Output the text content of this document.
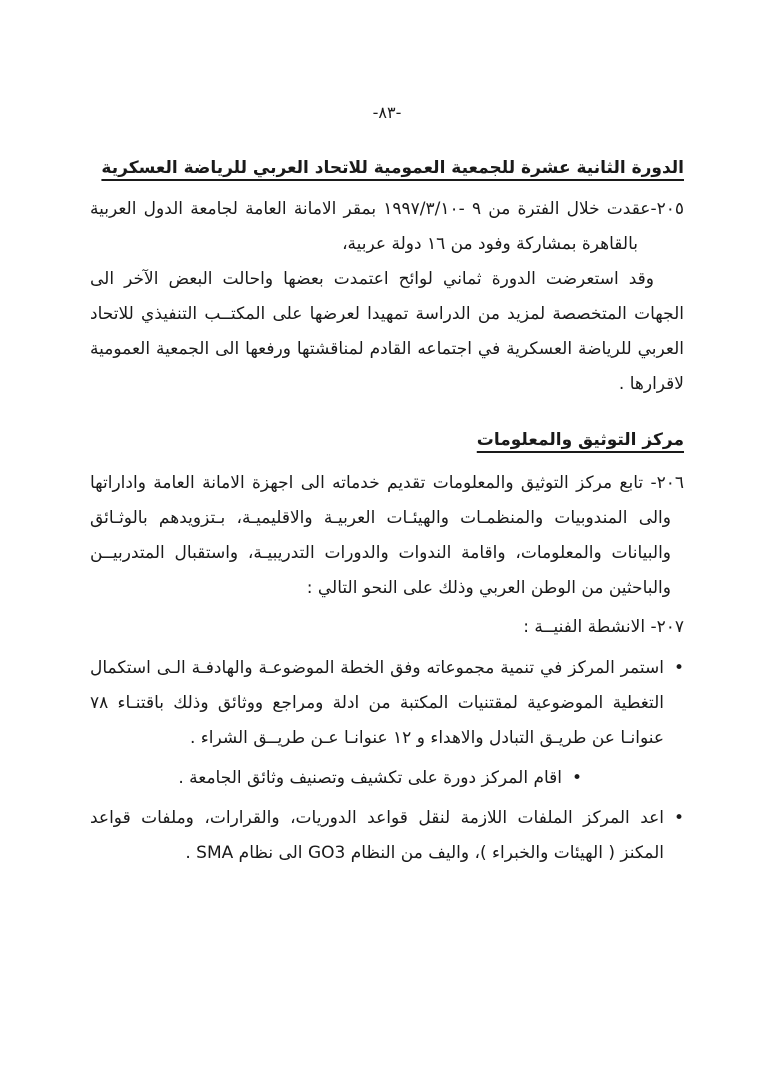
-٨٣-
الدورة الثانية عشرة للجمعية العمومية للاتحاد العربي للرياضة العسكرية

٢٠٥-عقدت خلال الفترة من ٩ -١٩٩٧/٣/١٠ بمقر الامانة العامة لجامعة الدول العربية بالقاهرة بمشاركة وفود من ١٦ دولة عربية،

وقد استعرضت الدورة ثماني لوائح اعتمدت بعضها واحالت البعض الآخر الى الجهات المتخصصة لمزيد من الدراسة تمهيدا لعرضها على المكتــب التنفيذي للاتحاد العربي للرياضة العسكرية في اجتماعه القادم لمناقشتها ورفعها الى الجمعية العمومية لاقرارها .

مركز التوثيق والمعلومات

٢٠٦- تابع مركز التوثيق والمعلومات تقديم خدماته الى اجهزة الامانة العامة واداراتها والى المندوبيات والمنظمـات والهيئـات العربيـة والاقليميـة، بـتزويدهم بالوثـائق والبيانات والمعلومات، واقامة الندوات والدورات التدريبيـة، واستقبال المتدربيــن والباحثين من الوطن العربي وذلك على النحو التالي :

٢٠٧- الانشطة الفنيــة :

•
استمر المركز في تنمية مجموعاته وفق الخطة الموضوعـة والهادفـة الـى استكمال التغطية الموضوعية لمقتنيات المكتبة من ادلة ومراجع ووثائق وذلك باقتنـاء ٧٨ عنوانـا عن طريـق التبادل والاهداء و ١٢ عنوانـا عـن طريــق الشراء .
•
اقام المركز دورة على تكشيف وتصنيف وثائق الجامعة .
•
اعد المركز الملفات اللازمة لنقل قواعد الدوريات، والقرارات، وملفات قواعد المكنز ( الهيئات والخبراء )، واليف من النظام GO3 الى نظام SMA .
